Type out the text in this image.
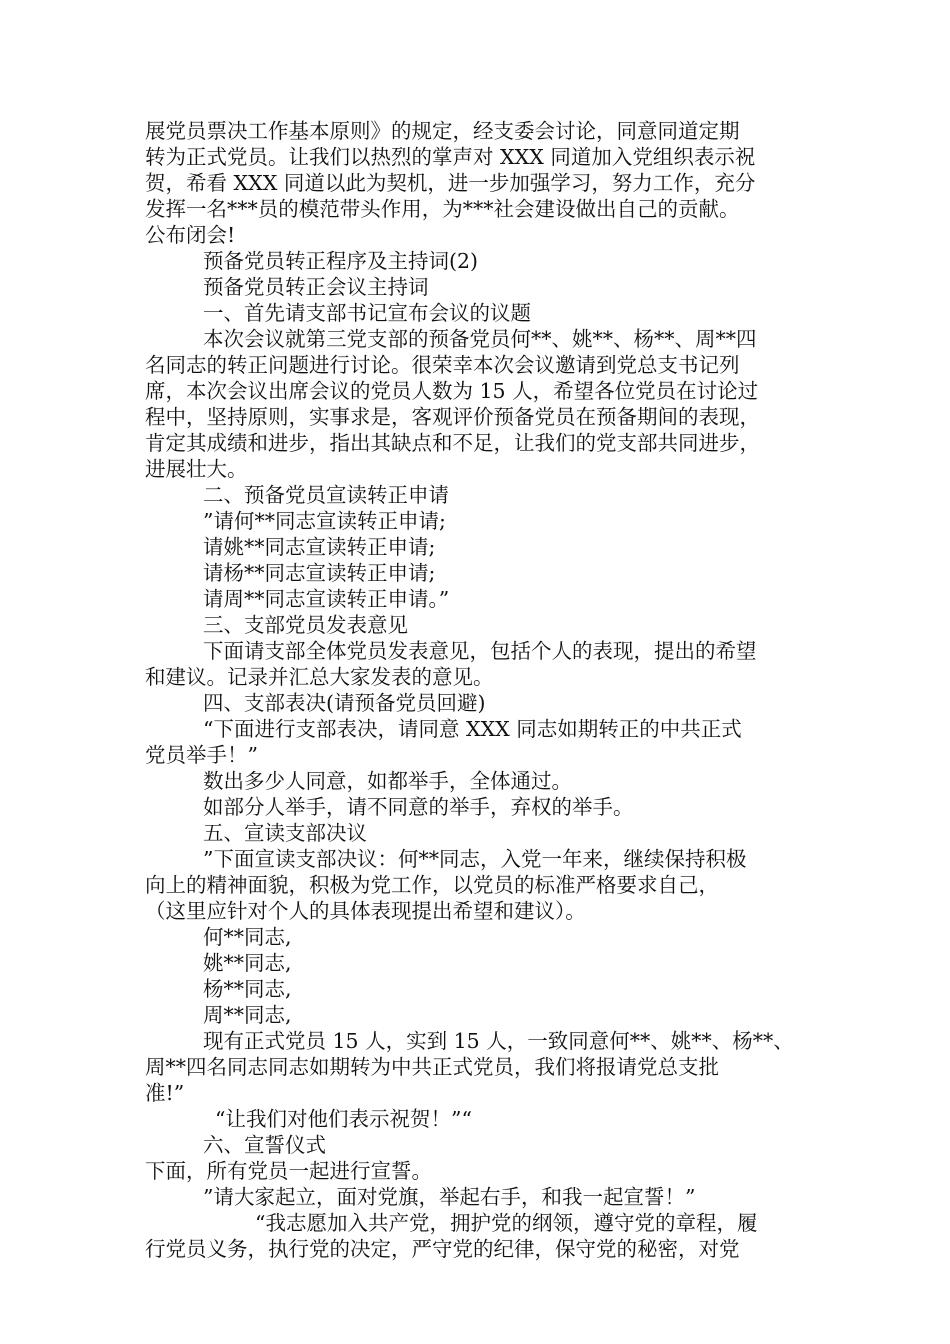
展党员票决工作基本原则》的规定，经支委会讨论，同意同道定期

转为正式党员。让我们以热烈的掌声对 XXX 同道加入党组织表示祝

贺，希看 XXX 同道以此为契机，进一步加强学习，努力工作，充分

发挥一名***员的模范带头作用，为***社会建设做出自己的贡献。

公布闭会!

预备党员转正程序及主持词(2)

预备党员转正会议主持词

一、首先请支部书记宣布会议的议题

本次会议就第三党支部的预备党员何**、姚**、杨**、周**四

名同志的转正问题进行讨论。很荣幸本次会议邀请到党总支书记列

席，本次会议出席会议的党员人数为 15 人，希望各位党员在讨论过

程中，坚持原则，实事求是，客观评价预备党员在预备期间的表现，

肯定其成绩和进步，指出其缺点和不足，让我们的党支部共同进步，

进展壮大。

二、预备党员宣读转正申请

”请何**同志宣读转正申请;

请姚**同志宣读转正申请;

请杨**同志宣读转正申请;

请周**同志宣读转正申请。”

三、支部党员发表意见

下面请支部全体党员发表意见，包括个人的表现，提出的希望

和建议。记录并汇总大家发表的意见。

四、支部表决(请预备党员回避)

“下面进行支部表决，请同意 XXX 同志如期转正的中共正式

党员举手！”

数出多少人同意，如都举手，全体通过。

如部分人举手，请不同意的举手，弃权的举手。

五、宣读支部决议

”下面宣读支部决议：何**同志，入党一年来，继续保持积极

向上的精神面貌，积极为党工作，以党员的标准严格要求自己，

（这里应针对个人的具体表现提出希望和建议）。

何**同志,

姚**同志,

杨**同志,

周**同志,

现有正式党员 15 人，实到 15 人，一致同意何**、姚**、杨**、

周**四名同志同志如期转为中共正式党员，我们将报请党总支批

准!”

“让我们对他们表示祝贺！”“

六、宣誓仪式

下面，所有党员一起进行宣誓。

”请大家起立，面对党旗，举起右手，和我一起宣誓！”

“我志愿加入共产党，拥护党的纲领，遵守党的章程，履

行党员义务，执行党的决定，严守党的纪律，保守党的秘密，对党
